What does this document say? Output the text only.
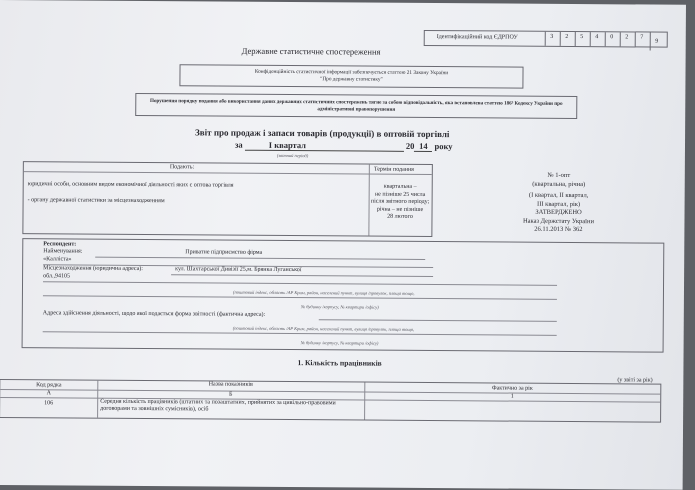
Ідентифікаційний код ЄДРПОУ	3	2	5	4	0	2	7
9
Державне статистичне спостереження
Конфіденційність статистичної інформації забезпечується статтею 21 Закону України "Про державну статистику"
Порушення порядку подання або використання даних державних статистичних спостережень тягне за собою відповідальність, яка встановлена статтею 186³ Кодексу України про адміністративні правопорушення
Звіт про продаж і запаси товарів (продукції) в оптовій торгівлі
за	І квартал	20 14 року
(звітний період)
Подають:	Термін подання
юридичні особи, основним видом економічної діяльності яких є оптова торгівля
- органу державної статистики за місцезнаходженням
квартальна –
не пізніше 25 числа
після звітного періоду;
річна – не пізніше
28 лютого
№ 1-опт
(квартальна, річна)
(І квартал, ІІ квартал,
ІІІ квартал, рік)
ЗАТВЕРДЖЕНО
Наказ Держстату України
26.11.2013 № 362
Респондент:
Найменування:	Приватне підприємство фірма
«Калліста»
Місцезнаходження (юридична адреса):	кул. Шахтарської Дивізії 25,м. Брянка Луганської
обл.,94105
(поштовий індекс, область /АР Крим, район, населений пункт, вулиця /провулок, площа тощо,
№ будинку /корпусу, № квартири /офісу)
Адреса здійснення діяльності, щодо якої подається форма звітності (фактична адреса):
(поштовий індекс, область /АР Крим, район, населений пункт, вулиця /провулок, площа тощо,
№ будинку /корпусу, № квартири /офісу)
1. Кількість працівників
(у звіті за рік)
Код рядка	Назва показників
Фактично за рік
А	Б	1
106	Середня кількість працівників (штатних та позаштатних, прийнятих за цивільно-правовими договорами та зовнішніх сумісників), осіб
